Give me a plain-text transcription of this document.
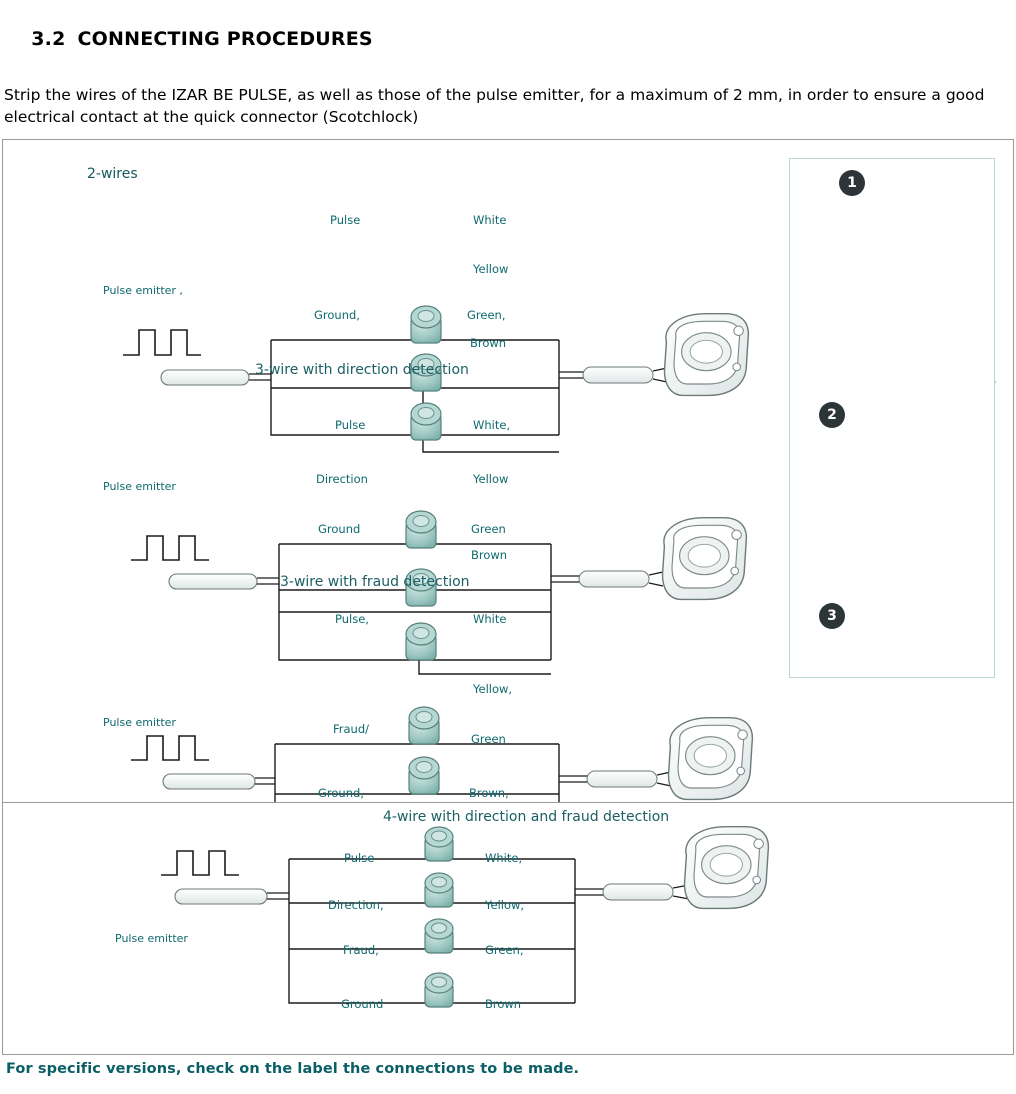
3.2 CONNECTING PROCEDURES

Strip the wires of the IZAR BE PULSE, as well as those of the pulse emitter, for a maximum of 2 mm, in order to ensure a good electrical contact at the quick connector (Scotchlock)

1
2
3
2-wires
Pulse emitter ,
Pulse
Ground,
White
Yellow
Green,
Brown
3-wire with direction detection
Pulse emitter
Pulse
Direction
Ground
White,
Yellow
Green
Brown
3-wire with fraud detection
Pulse emitter
Pulse,
Fraud/
Ground,
White
Yellow,
Green
Brown,
4-wire with direction and fraud detection
Pulse emitter
Pulse
Direction,
Fraud,
Ground
White,
Yellow,
Green,
Brown
For specific versions, check on the label the connections to be made.
